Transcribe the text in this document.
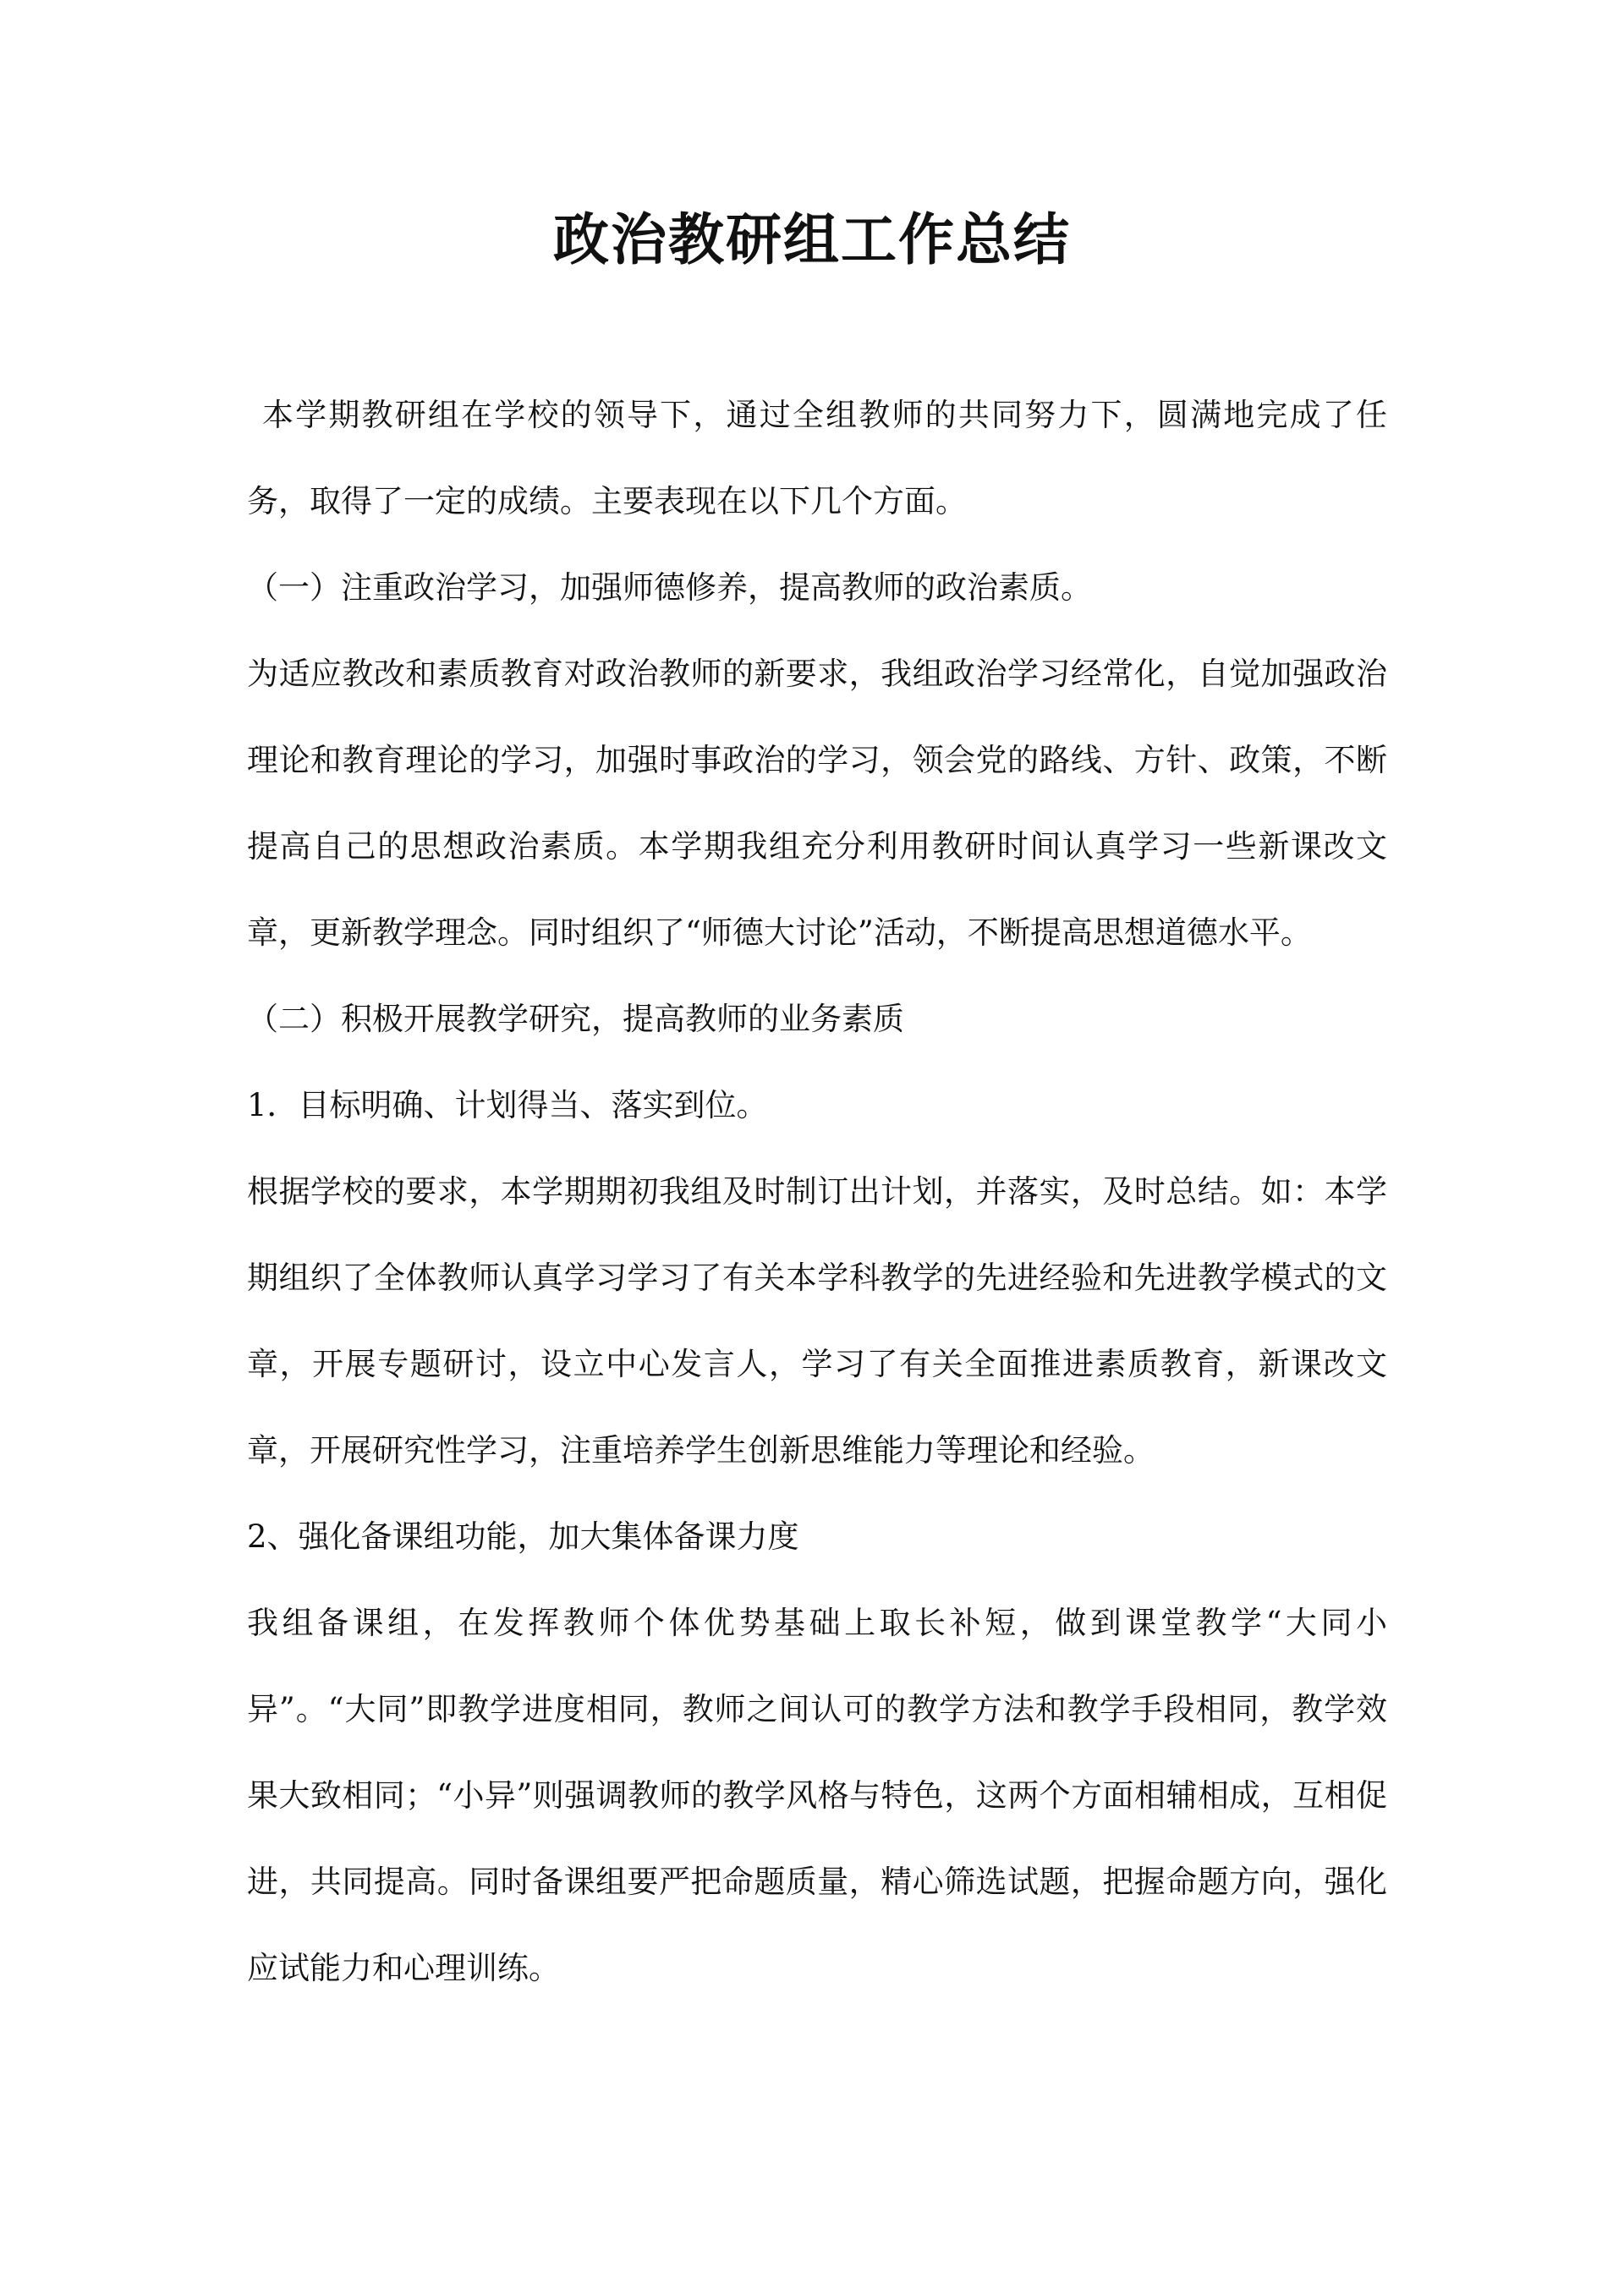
政治教研组工作总结

本学期教研组在学校的领导下，通过全组教师的共同努力下，圆满地完成了任务，取得了一定的成绩。主要表现在以下几个方面。

（一）注重政治学习，加强师德修养，提高教师的政治素质。

为适应教改和素质教育对政治教师的新要求，我组政治学习经常化，自觉加强政治理论和教育理论的学习，加强时事政治的学习，领会党的路线、方针、政策，不断提高自己的思想政治素质。本学期我组充分利用教研时间认真学习一些新课改文章，更新教学理念。同时组织了“师德大讨论”活动，不断提高思想道德水平。

（二）积极开展教学研究，提高教师的业务素质

1．目标明确、计划得当、落实到位。

根据学校的要求，本学期期初我组及时制订出计划，并落实，及时总结。如：本学期组织了全体教师认真学习学习了有关本学科教学的先进经验和先进教学模式的文章，开展专题研讨，设立中心发言人，学习了有关全面推进素质教育，新课改文章，开展研究性学习，注重培养学生创新思维能力等理论和经验。

2、强化备课组功能，加大集体备课力度

我组备课组，在发挥教师个体优势基础上取长补短，做到课堂教学“大同小异”。“大同”即教学进度相同，教师之间认可的教学方法和教学手段相同，教学效果大致相同；“小异”则强调教师的教学风格与特色，这两个方面相辅相成，互相促进，共同提高。同时备课组要严把命题质量，精心筛选试题，把握命题方向，强化应试能力和心理训练。
